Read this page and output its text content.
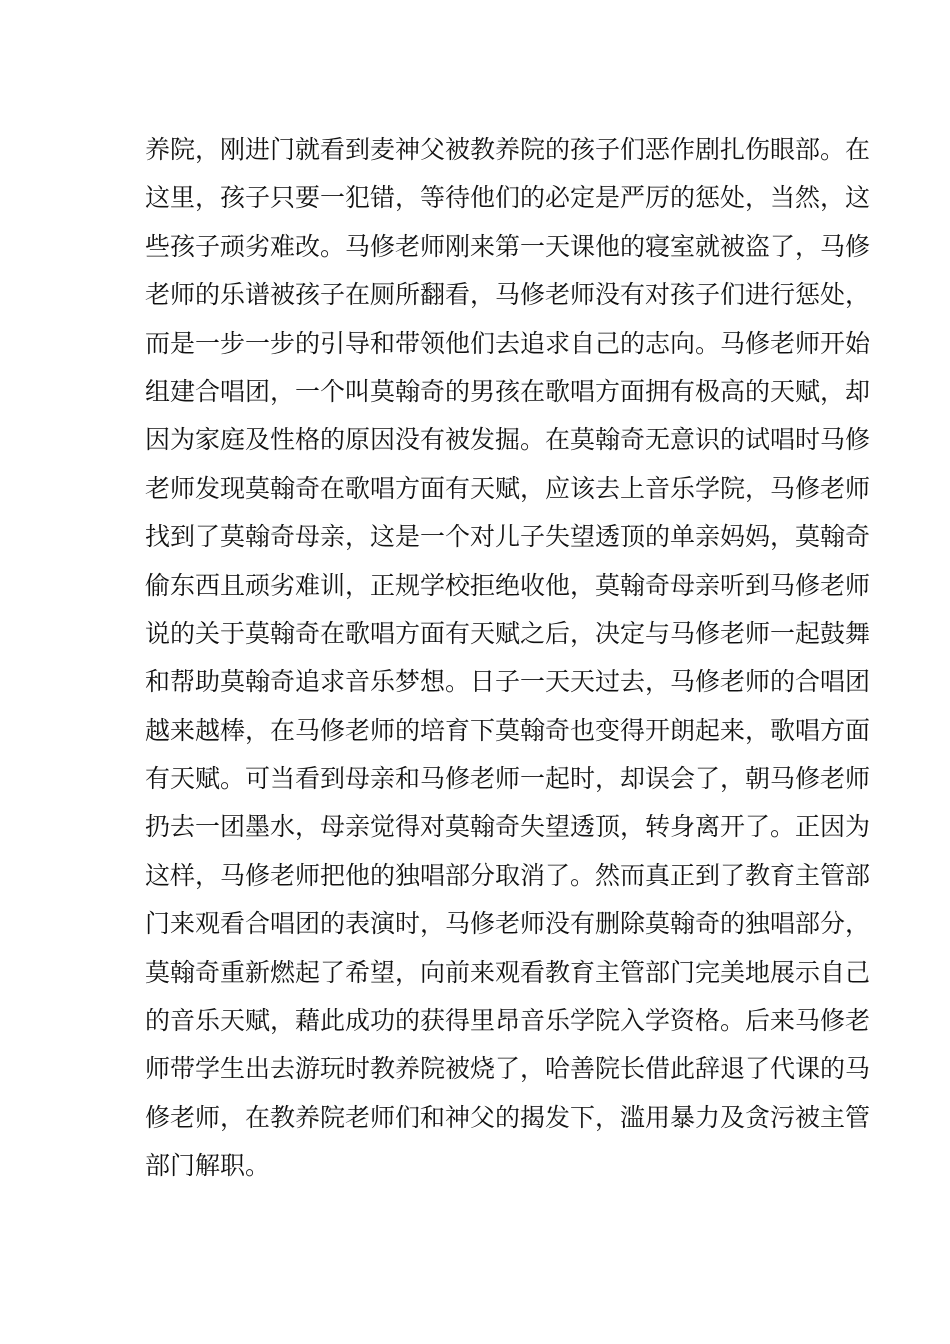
养院，刚进门就看到麦神父被教养院的孩子们恶作剧扎伤眼部。在
这里，孩子只要一犯错，等待他们的必定是严厉的惩处，当然，这
些孩子顽劣难改。马修老师刚来第一天课他的寝室就被盗了，马修
老师的乐谱被孩子在厕所翻看，马修老师没有对孩子们进行惩处，
而是一步一步的引导和带领他们去追求自己的志向。马修老师开始
组建合唱团，一个叫莫翰奇的男孩在歌唱方面拥有极高的天赋，却
因为家庭及性格的原因没有被发掘。在莫翰奇无意识的试唱时马修
老师发现莫翰奇在歌唱方面有天赋，应该去上音乐学院，马修老师
找到了莫翰奇母亲，这是一个对儿子失望透顶的单亲妈妈，莫翰奇
偷东西且顽劣难训，正规学校拒绝收他，莫翰奇母亲听到马修老师
说的关于莫翰奇在歌唱方面有天赋之后，决定与马修老师一起鼓舞
和帮助莫翰奇追求音乐梦想。日子一天天过去，马修老师的合唱团
越来越棒，在马修老师的培育下莫翰奇也变得开朗起来，歌唱方面
有天赋。可当看到母亲和马修老师一起时，却误会了，朝马修老师
扔去一团墨水，母亲觉得对莫翰奇失望透顶，转身离开了。正因为
这样，马修老师把他的独唱部分取消了。然而真正到了教育主管部
门来观看合唱团的表演时，马修老师没有删除莫翰奇的独唱部分，
莫翰奇重新燃起了希望，向前来观看教育主管部门完美地展示自己
的音乐天赋，藉此成功的获得里昂音乐学院入学资格。后来马修老
师带学生出去游玩时教养院被烧了，哈善院长借此辞退了代课的马
修老师，在教养院老师们和神父的揭发下，滥用暴力及贪污被主管
部门解职。
